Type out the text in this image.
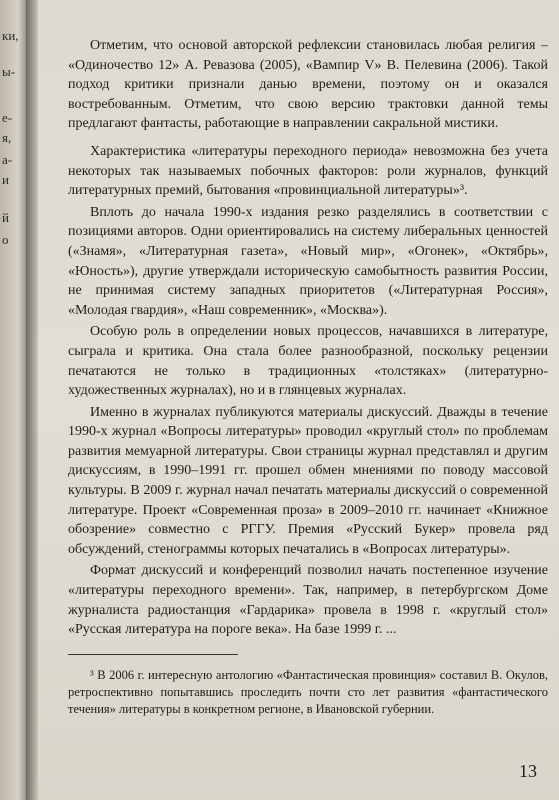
ки,
ы-
е-
я,
а-
и
й
о

Отметим, что основой авторской рефлексии становилась любая религия – «Одиночество 12» А. Ревазова (2005), «Вампир V» В. Пелевина (2006). Такой подход критики признали данью времени, поэтому он и оказался востребованным. Отметим, что свою версию трактовки данной темы предлагают фантасты, работающие в направлении сакральной мистики.

Характеристика «литературы переходного периода» невозможна без учета некоторых так называемых побочных факторов: роли журналов, функций литературных премий, бытования «провинциальной литературы»³.

Вплоть до начала 1990-х издания резко разделялись в соответствии с позициями авторов. Одни ориентировались на систему либеральных ценностей («Знамя», «Литературная газета», «Новый мир», «Огонек», «Октябрь», «Юность»), другие утверждали историческую самобытность развития России, не принимая систему западных приоритетов («Литературная Россия», «Молодая гвардия», «Наш современник», «Москва»).

Особую роль в определении новых процессов, начавшихся в литературе, сыграла и критика. Она стала более разнообразной, поскольку рецензии печатаются не только в традиционных «толстяках» (литературно-художественных журналах), но и в глянцевых журналах.

Именно в журналах публикуются материалы дискуссий. Дважды в течение 1990-х журнал «Вопросы литературы» проводил «круглый стол» по проблемам развития мемуарной литературы. Свои страницы журнал представлял и другим дискуссиям, в 1990–1991 гг. прошел обмен мнениями по поводу массовой культуры. В 2009 г. журнал начал печатать материалы дискуссий о современной литературе. Проект «Современная проза» в 2009–2010 гг. начинает «Книжное обозрение» совместно с РГГУ. Премия «Русский Букер» провела ряд обсуждений, стенограммы которых печатались в «Вопросах литературы».

Формат дискуссий и конференций позволил начать постепенное изучение «литературы переходного времени». Так, например, в петербургском Доме журналиста радиостанция «Гардарика» провела в 1998 г. «круглый стол» «Русская литература на пороге века». На базе 1999 г. ...

³ В 2006 г. интересную антологию «Фантастическая провинция» составил В. Окулов, ретроспективно попытавшись проследить почти сто лет развития «фантастического течения» литературы в конкретном регионе, в Ивановской губернии.

13
